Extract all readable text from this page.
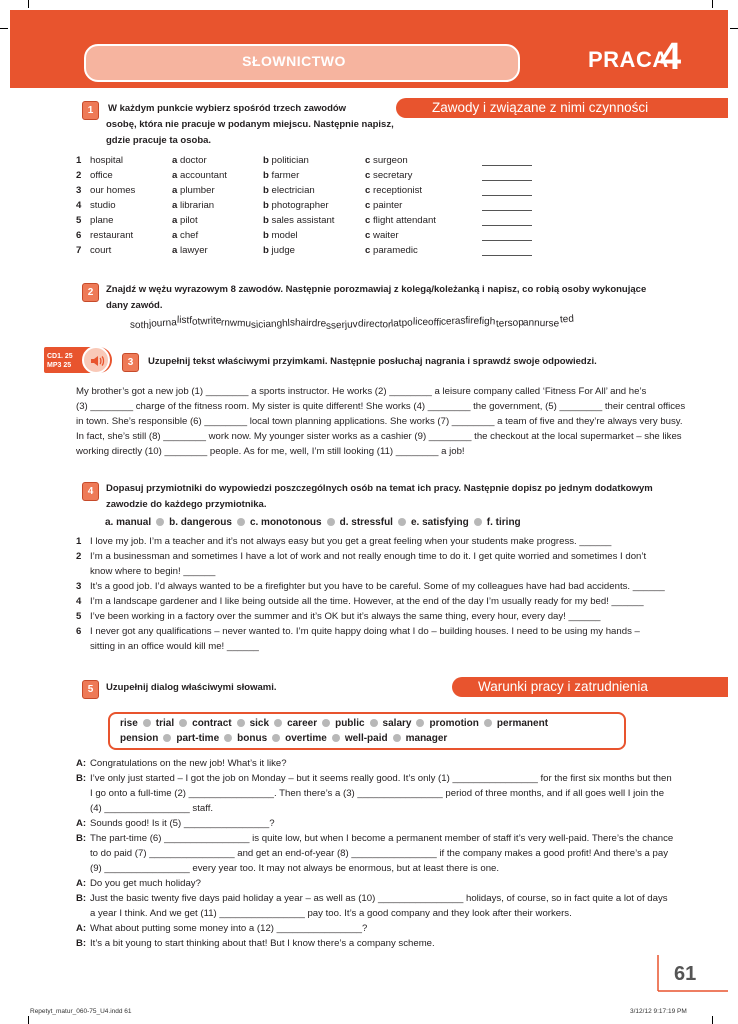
SŁOWNICTWO	PRACA
4
Zawody i związane z nimi czynności
1	W każdym punkcie wybierz spośród trzech zawodów
osobę, która nie pracuje w podanym miejscu. Następnie napisz,
gdzie pracuje ta osoba.
1 hospital	a doctor	b politician	c surgeon
2 office	a accountant	b farmer	c secretary
3 our homes	a plumber	b electrician	c receptionist
4 studio	a librarian	b photographer	c painter
5 plane	a pilot	b sales assistant	c flight attendant
6 restaurant	a chef	b model	c waiter
7 court	a lawyer	b judge	c paramedic
2	Znajdź w wężu wyrazowym 8 zawodów. Następnie porozmawiaj z kolegą/koleżanką i napisz, co robią osoby wykonujące
dany zawód.
sothjournalistfotwriternwmusicianghlshairdresserjuvdirectorlatpoliceofficerasfirefightersopannurseted
CD1. 25
MP3 25	3	Uzupełnij tekst właściwymi przyimkami. Następnie posłuchaj nagrania i sprawdź swoje odpowiedzi.
My brother’s got a new job (1) ________ a sports instructor. He works (2) ________ a leisure company called ‘Fitness For All’ and he’s
(3) ________ charge of the fitness room. My sister is quite different! She works (4) ________ the government, (5) ________ their central offices
in town. She’s responsible (6) ________ local town planning applications. She works (7) ________ a team of five and they’re always very busy.
In fact, she’s still (8) ________ work now. My younger sister works as a cashier (9) ________ the checkout at the local supermarket – she likes
working directly (10) ________ people. As for me, well, I’m still looking (11) ________ a job!
4	Dopasuj przymiotniki do wypowiedzi poszczególnych osób na temat ich pracy. Następnie dopisz po jednym dodatkowym
zawodzie do każdego przymiotnika.
a. manual b. dangerous c. monotonous d. stressful e. satisfying f. tiring
1 I love my job. I’m a teacher and it’s not always easy but you get a great feeling when your students make progress. ______
2 I’m a businessman and sometimes I have a lot of work and not really enough time to do it. I get quite worried and sometimes I don’t
know where to begin! ______
3 It’s a good job. I’d always wanted to be a firefighter but you have to be careful. Some of my colleagues have had bad accidents. ______
4 I’m a landscape gardener and I like being outside all the time. However, at the end of the day I’m usually ready for my bed! ______
5 I’ve been working in a factory over the summer and it’s OK but it’s always the same thing, every hour, every day! ______
6 I never got any qualifications – never wanted to. I’m quite happy doing what I do – building houses. I need to be using my hands –
sitting in an office would kill me! ______
Warunki pracy i zatrudnienia
5	Uzupełnij dialog właściwymi słowami.
rise trial contract sick career public salary promotion permanent
pension part-time bonus overtime well-paid manager
A: Congratulations on the new job! What’s it like?
B: I’ve only just started – I got the job on Monday – but it seems really good. It’s only (1) ________________ for the first six months but then
I go onto a full-time (2) ________________. Then there’s a (3) ________________ period of three months, and if all goes well I join the
(4) ________________ staff.
A: Sounds good! Is it (5) ________________?
B: The part-time (6) ________________ is quite low, but when I become a permanent member of staff it’s very well-paid. There’s the chance
to do paid (7) ________________ and get an end-of-year (8) ________________ if the company makes a good profit! And there’s a pay
(9) ________________ every year too. It may not always be enormous, but at least there is one.
A: Do you get much holiday?
B: Just the basic twenty five days paid holiday a year – as well as (10) ________________ holidays, of course, so in fact quite a lot of days
a year I think. And we get (11) ________________ pay too. It’s a good company and they look after their workers.
A: What about putting some money into a (12) ________________?
B: It’s a bit young to start thinking about that! But I know there’s a company scheme.
61
Repetyt_matur_060-75_U4.indd 61	3/12/12 9:17:19 PM
